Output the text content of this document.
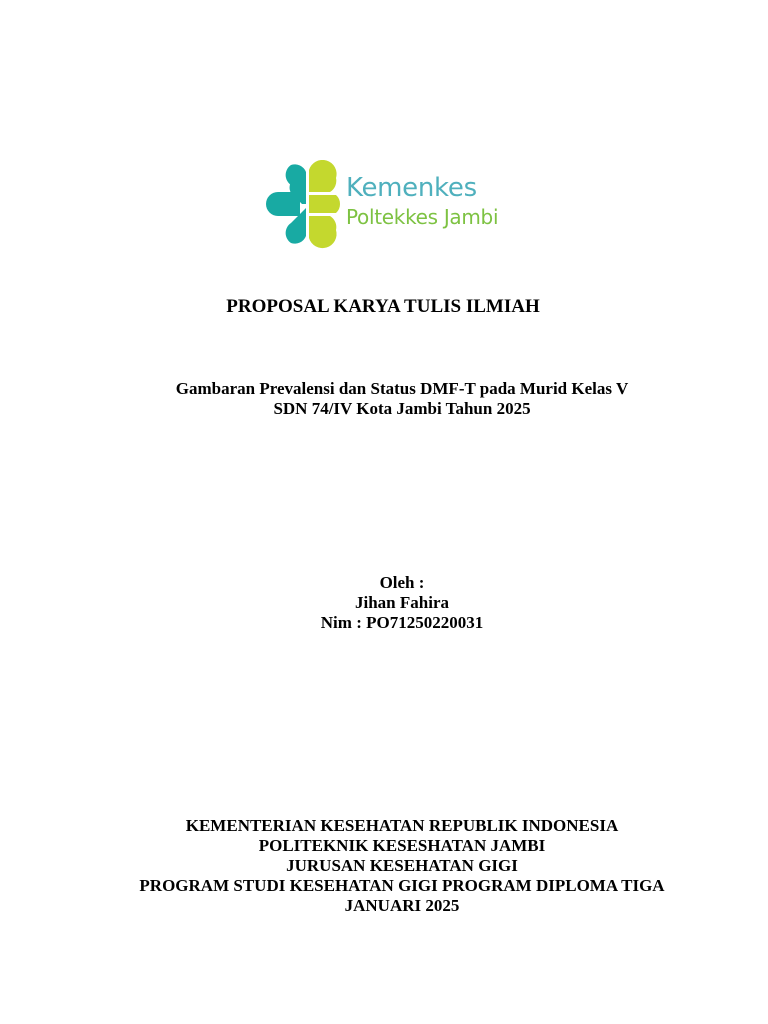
Kemenkes
Poltekkes Jambi
PROPOSAL KARYA TULIS ILMIAH
Gambaran Prevalensi dan Status DMF-T pada Murid Kelas V
SDN 74/IV Kota Jambi Tahun 2025
Oleh :
Jihan Fahira
Nim : PO71250220031
KEMENTERIAN KESEHATAN REPUBLIK INDONESIA
POLITEKNIK KESESHATAN JAMBI
JURUSAN KESEHATAN GIGI
PROGRAM STUDI KESEHATAN GIGI PROGRAM DIPLOMA TIGA
JANUARI 2025
